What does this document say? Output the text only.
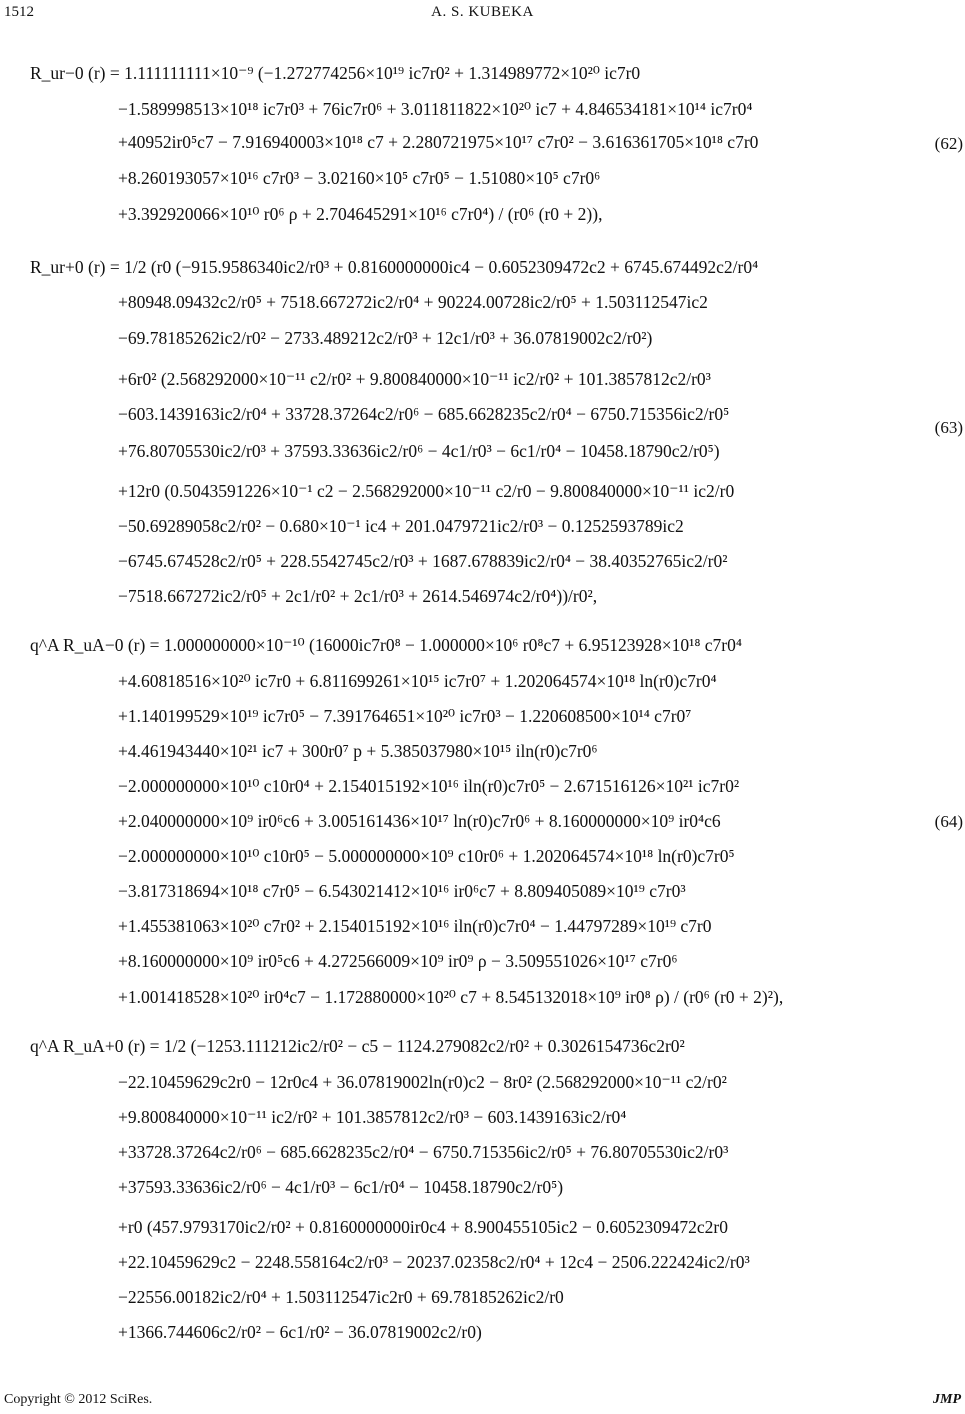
1512	A. S. KUBEKA
R_ur−0 (r) = 1.111111111×10⁻⁹ (−1.272774256×10¹⁹ ic7r0² + 1.314989772×10²⁰ ic7r0
−1.589998513×10¹⁸ ic7r0³ + 76ic7r0⁶ + 3.011811822×10²⁰ ic7 + 4.846534181×10¹⁴ ic7r0⁴
+40952ir0⁵c7 − 7.916940003×10¹⁸ c7 + 2.280721975×10¹⁷ c7r0² − 3.616361705×10¹⁸ c7r0
+8.260193057×10¹⁶ c7r0³ − 3.02160×10⁵ c7r0⁵ − 1.51080×10⁵ c7r0⁶
+3.392920066×10¹⁰ r0⁶ ρ + 2.704645291×10¹⁶ c7r0⁴) / (r0⁶ (r0 + 2)),
(62)
R_ur+0 (r) = 1/2 (r0 (−915.9586340ic2/r0³ + 0.8160000000ic4 − 0.6052309472c2 + 6745.674492c2/r0⁴
+80948.09432c2/r0⁵ + 7518.667272ic2/r0⁴ + 90224.00728ic2/r0⁵ + 1.503112547ic2
−69.78185262ic2/r0² − 2733.489212c2/r0³ + 12c1/r0³ + 36.07819002c2/r0²)
+6r0² (2.568292000×10⁻¹¹ c2/r0² + 9.800840000×10⁻¹¹ ic2/r0² + 101.3857812c2/r0³
−603.1439163ic2/r0⁴ + 33728.37264c2/r0⁶ − 685.6628235c2/r0⁴ − 6750.715356ic2/r0⁵
+76.80705530ic2/r0³ + 37593.33636ic2/r0⁶ − 4c1/r0³ − 6c1/r0⁴ − 10458.18790c2/r0⁵)
+12r0 (0.5043591226×10⁻¹ c2 − 2.568292000×10⁻¹¹ c2/r0 − 9.800840000×10⁻¹¹ ic2/r0
−50.69289058c2/r0² − 0.680×10⁻¹ ic4 + 201.0479721ic2/r0³ − 0.1252593789ic2
−6745.674528c2/r0⁵ + 228.5542745c2/r0³ + 1687.678839ic2/r0⁴ − 38.40352765ic2/r0²
−7518.667272ic2/r0⁵ + 2c1/r0² + 2c1/r0³ + 2614.546974c2/r0⁴))/r0²,
(63)
q^A R_uA−0 (r) = 1.000000000×10⁻¹⁰ (16000ic7r0⁸ − 1.000000×10⁶ r0⁸c7 + 6.95123928×10¹⁸ c7r0⁴
+4.60818516×10²⁰ ic7r0 + 6.811699261×10¹⁵ ic7r0⁷ + 1.202064574×10¹⁸ ln(r0)c7r0⁴
+1.140199529×10¹⁹ ic7r0⁵ − 7.391764651×10²⁰ ic7r0³ − 1.220608500×10¹⁴ c7r0⁷
+4.461943440×10²¹ ic7 + 300r0⁷ p + 5.385037980×10¹⁵ iln(r0)c7r0⁶
−2.000000000×10¹⁰ c10r0⁴ + 2.154015192×10¹⁶ iln(r0)c7r0⁵ − 2.671516126×10²¹ ic7r0²
+2.040000000×10⁹ ir0⁶c6 + 3.005161436×10¹⁷ ln(r0)c7r0⁶ + 8.160000000×10⁹ ir0⁴c6
−2.000000000×10¹⁰ c10r0⁵ − 5.000000000×10⁹ c10r0⁶ + 1.202064574×10¹⁸ ln(r0)c7r0⁵
−3.817318694×10¹⁸ c7r0⁵ − 6.543021412×10¹⁶ ir0⁶c7 + 8.809405089×10¹⁹ c7r0³
+1.455381063×10²⁰ c7r0² + 2.154015192×10¹⁶ iln(r0)c7r0⁴ − 1.44797289×10¹⁹ c7r0
+8.160000000×10⁹ ir0⁵c6 + 4.272566009×10⁹ ir0⁹ ρ − 3.509551026×10¹⁷ c7r0⁶
+1.001418528×10²⁰ ir0⁴c7 − 1.172880000×10²⁰ c7 + 8.545132018×10⁹ ir0⁸ ρ) / (r0⁶ (r0 + 2)²),
(64)
q^A R_uA+0 (r) = 1/2 (−1253.111212ic2/r0² − c5 − 1124.279082c2/r0² + 0.3026154736c2r0²
−22.10459629c2r0 − 12r0c4 + 36.07819002ln(r0)c2 − 8r0² (2.568292000×10⁻¹¹ c2/r0²
+9.800840000×10⁻¹¹ ic2/r0² + 101.3857812c2/r0³ − 603.1439163ic2/r0⁴
+33728.37264c2/r0⁶ − 685.6628235c2/r0⁴ − 6750.715356ic2/r0⁵ + 76.80705530ic2/r0³
+37593.33636ic2/r0⁶ − 4c1/r0³ − 6c1/r0⁴ − 10458.18790c2/r0⁵)
+r0 (457.9793170ic2/r0² + 0.8160000000ir0c4 + 8.900455105ic2 − 0.6052309472c2r0
+22.10459629c2 − 2248.558164c2/r0³ − 20237.02358c2/r0⁴ + 12c4 − 2506.222424ic2/r0³
−22556.00182ic2/r0⁴ + 1.503112547ic2r0 + 69.78185262ic2/r0
+1366.744606c2/r0² − 6c1/r0² − 36.07819002c2/r0)
Copyright © 2012 SciRes.	JMP
